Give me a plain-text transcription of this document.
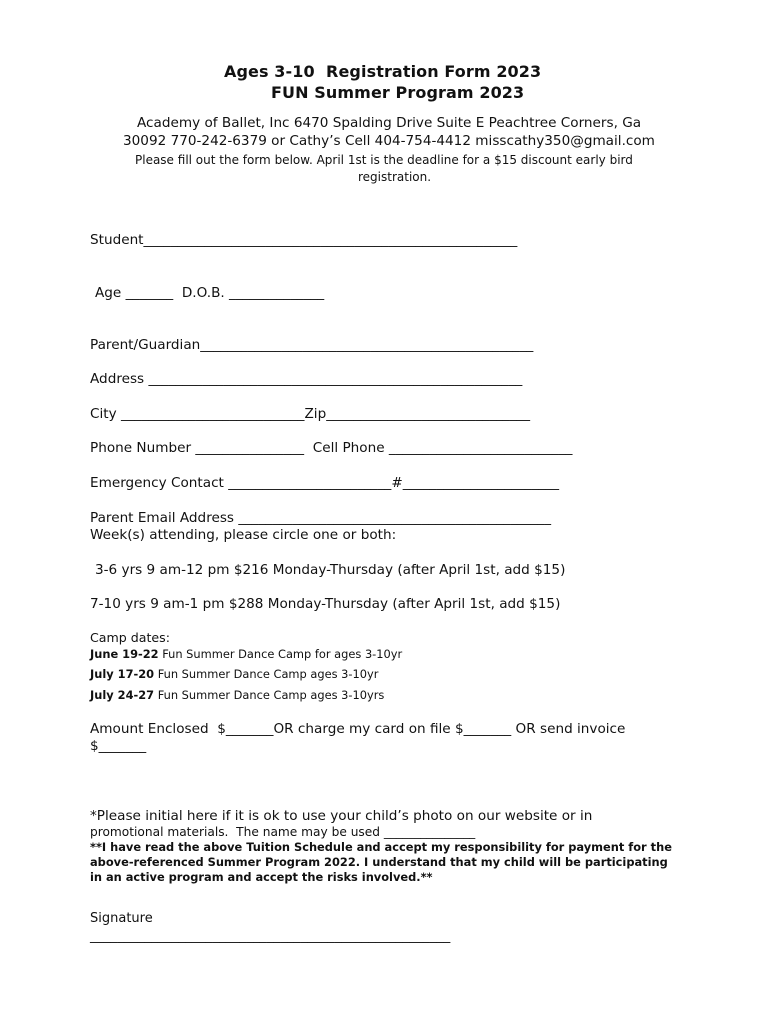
Ages 3-10  Registration Form 2023
FUN Summer Program 2023
Academy of Ballet, Inc 6470 Spalding Drive Suite E Peachtree Corners, Ga
30092 770-242-6379 or Cathy’s Cell 404-754-4412 misscathy350@gmail.com
Please fill out the form below. April 1st is the deadline for a $15 discount early bird
registration.
Student_______________________________________________________
Age _______  D.O.B. ______________
Parent/Guardian_________________________________________________
Address _______________________________________________________
City ___________________________Zip______________________________
Phone Number ________________  Cell Phone ___________________________
Emergency Contact ________________________#_______________________
Parent Email Address ______________________________________________
Week(s) attending, please circle one or both:
3-6 yrs 9 am-12 pm $216 Monday-Thursday (after April 1st, add $15)
7-10 yrs 9 am-1 pm $288 Monday-Thursday (after April 1st, add $15)
Camp dates:
June 19-22 Fun Summer Dance Camp for ages 3-10yr
July 17-20 Fun Summer Dance Camp ages 3-10yr
July 24-27 Fun Summer Dance Camp ages 3-10yrs
Amount Enclosed  $_______OR charge my card on file $_______ OR send invoice
$_______
*Please initial here if it is ok to use your child’s photo on our website or in
promotional materials.  The name may be used _______________
**I have read the above Tuition Schedule and accept my responsibility for payment for the above-referenced Summer Program 2022. I understand that my child will be participating in an active program and accept the risks involved.**
Signature
_____________________________________________________
